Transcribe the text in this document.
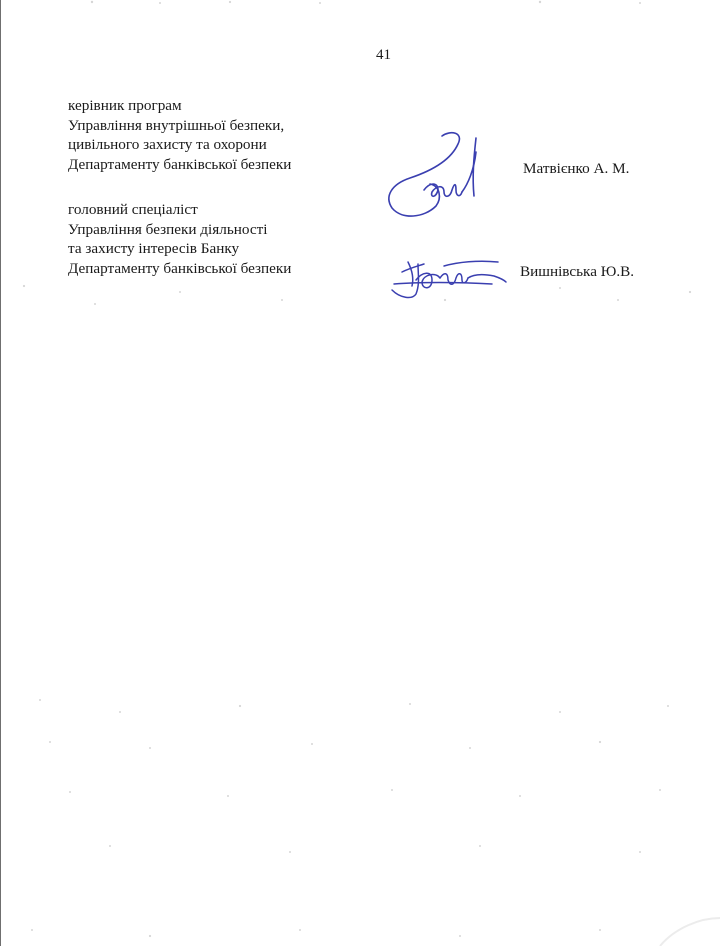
41
керівник програм
Управління внутрішньої безпеки,
цивільного захисту та охорони
Департаменту банківської безпеки	Матвієнко А. М.
головний спеціаліст
Управління безпеки діяльності
та захисту інтересів Банку
Департаменту банківської безпеки	Вишнівська Ю.В.
